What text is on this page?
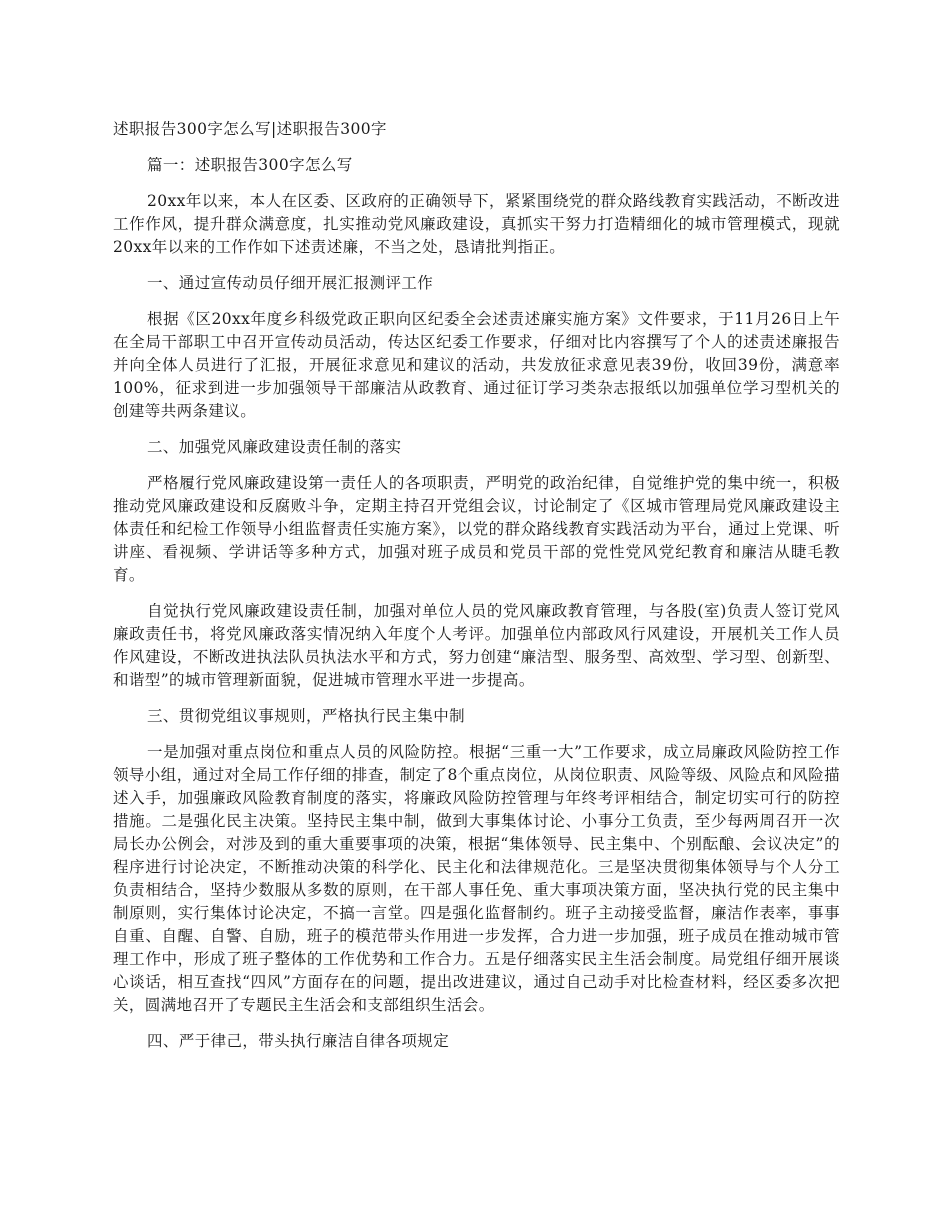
述职报告300字怎么写|述职报告300字

篇一：述职报告300字怎么写

20xx年以来，本人在区委、区政府的正确领导下，紧紧围绕党的群众路线教育实践活动，不断改进工作作风，提升群众满意度，扎实推动党风廉政建设，真抓实干努力打造精细化的城市管理模式，现就20xx年以来的工作作如下述责述廉，不当之处，恳请批判指正。

一、通过宣传动员仔细开展汇报测评工作

根据《区20xx年度乡科级党政正职向区纪委全会述责述廉实施方案》文件要求，于11月26日上午在全局干部职工中召开宣传动员活动，传达区纪委工作要求，仔细对比内容撰写了个人的述责述廉报告并向全体人员进行了汇报，开展征求意见和建议的活动，共发放征求意见表39份，收回39份，满意率100%，征求到进一步加强领导干部廉洁从政教育、通过征订学习类杂志报纸以加强单位学习型机关的创建等共两条建议。

二、加强党风廉政建设责任制的落实

严格履行党风廉政建设第一责任人的各项职责，严明党的政治纪律，自觉维护党的集中统一，积极推动党风廉政建设和反腐败斗争，定期主持召开党组会议，讨论制定了《区城市管理局党风廉政建设主体责任和纪检工作领导小组监督责任实施方案》，以党的群众路线教育实践活动为平台，通过上党课、听讲座、看视频、学讲话等多种方式，加强对班子成员和党员干部的党性党风党纪教育和廉洁从睫毛教育。

自觉执行党风廉政建设责任制，加强对单位人员的党风廉政教育管理，与各股(室)负责人签订党风廉政责任书，将党风廉政落实情况纳入年度个人考评。加强单位内部政风行风建设，开展机关工作人员作风建设，不断改进执法队员执法水平和方式，努力创建“廉洁型、服务型、高效型、学习型、创新型、和谐型”的城市管理新面貌，促进城市管理水平进一步提高。

三、贯彻党组议事规则，严格执行民主集中制

一是加强对重点岗位和重点人员的风险防控。根据“三重一大”工作要求，成立局廉政风险防控工作领导小组，通过对全局工作仔细的排查，制定了8个重点岗位，从岗位职责、风险等级、风险点和风险描述入手，加强廉政风险教育制度的落实，将廉政风险防控管理与年终考评相结合，制定切实可行的防控措施。二是强化民主决策。坚持民主集中制，做到大事集体讨论、小事分工负责，至少每两周召开一次局长办公例会，对涉及到的重大重要事项的决策，根据“集体领导、民主集中、个别酝酿、会议决定”的程序进行讨论决定，不断推动决策的科学化、民主化和法律规范化。三是坚决贯彻集体领导与个人分工负责相结合，坚持少数服从多数的原则，在干部人事任免、重大事项决策方面，坚决执行党的民主集中制原则，实行集体讨论决定，不搞一言堂。四是强化监督制约。班子主动接受监督，廉洁作表率，事事自重、自醒、自警、自励，班子的模范带头作用进一步发挥，合力进一步加强，班子成员在推动城市管理工作中，形成了班子整体的工作优势和工作合力。五是仔细落实民主生活会制度。局党组仔细开展谈心谈话，相互查找“四风”方面存在的问题，提出改进建议，通过自己动手对比检查材料，经区委多次把关，圆满地召开了专题民主生活会和支部组织生活会。

四、严于律己，带头执行廉洁自律各项规定
